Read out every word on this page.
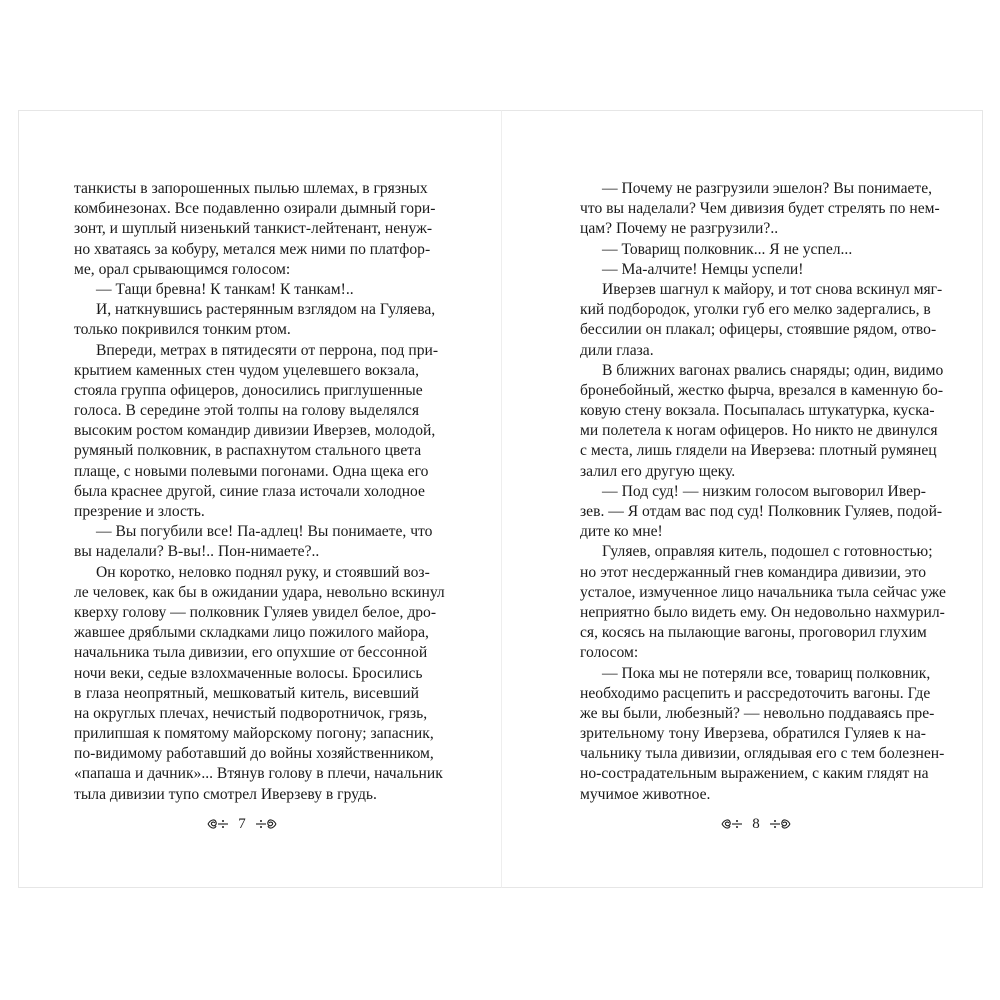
танкисты в запорошенных пылью шлемах, в грязных
комбинезонах. Все подавленно озирали дымный гори-
зонт, и шуплый низенький танкист-лейтенант, ненуж-
но хватаясь за кобуру, метался меж ними по платфор-
ме, орал срывающимся голосом:
— Тащи бревна! К танкам! К танкам!..
И, наткнувшись растерянным взглядом на Гуляева,
только покривился тонким ртом.
Впереди, метрах в пятидесяти от перрона, под при-
крытием каменных стен чудом уцелевшего вокзала,
стояла группа офицеров, доносились приглушенные
голоса. В середине этой толпы на голову выделялся
высоким ростом командир дивизии Иверзев, молодой,
румяный полковник, в распахнутом стального цвета
плаще, с новыми полевыми погонами. Одна щека его
была краснее другой, синие глаза источали холодное
презрение и злость.
— Вы погубили все! Па-адлец! Вы понимаете, что
вы наделали? В-вы!.. Пон-нимаете?..
Он коротко, неловко поднял руку, и стоявший воз-
ле человек, как бы в ожидании удара, невольно вскинул
кверху голову — полковник Гуляев увидел белое, дро-
жавшее дряблыми складками лицо пожилого майора,
начальника тыла дивизии, его опухшие от бессонной
ночи веки, седые взлохмаченные волосы. Бросились
в глаза неопрятный, мешковатый китель, висевший
на округлых плечах, нечистый подворотничок, грязь,
прилипшая к помятому майорскому погону; запасник,
по-видимому работавший до войны хозяйственником,
«папаша и дачник»... Втянув голову в плечи, начальник
тыла дивизии тупо смотрел Иверзеву в грудь.
— Почему не разгрузили эшелон? Вы понимаете,
что вы наделали? Чем дивизия будет стрелять по нем-
цам? Почему не разгрузили?..
— Товарищ полковник... Я не успел...
— Ма-алчите! Немцы успели!
Иверзев шагнул к майору, и тот снова вскинул мяг-
кий подбородок, уголки губ его мелко задергались, в
бессилии он плакал; офицеры, стоявшие рядом, отво-
дили глаза.
В ближних вагонах рвались снаряды; один, видимо
бронебойный, жестко фырча, врезался в каменную бо-
ковую стену вокзала. Посыпалась штукатурка, куска-
ми полетела к ногам офицеров. Но никто не двинулся
с места, лишь глядели на Иверзева: плотный румянец
залил его другую щеку.
— Под суд! — низким голосом выговорил Ивер-
зев. — Я отдам вас под суд! Полковник Гуляев, подой-
дите ко мне!
Гуляев, оправляя китель, подошел с готовностью;
но этот несдержанный гнев командира дивизии, это
усталое, измученное лицо начальника тыла сейчас уже
неприятно было видеть ему. Он недовольно нахмурил-
ся, косясь на пылающие вагоны, проговорил глухим
голосом:
— Пока мы не потеряли все, товарищ полковник,
необходимо расцепить и рассредоточить вагоны. Где
же вы были, любезный? — невольно поддаваясь пре-
зрительному тону Иверзева, обратился Гуляев к на-
чальнику тыла дивизии, оглядывая его с тем болезнен-
но-сострадательным выражением, с каким глядят на
мучимое животное.
7	8
